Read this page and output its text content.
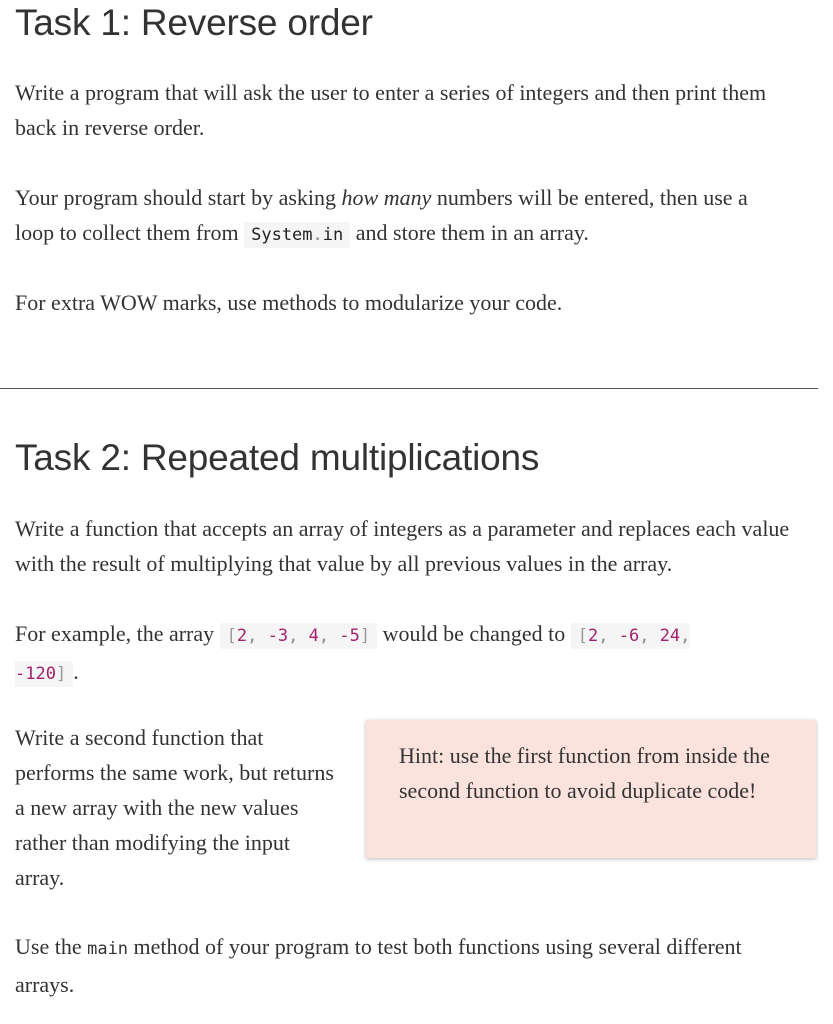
Task 1: Reverse order

Write a program that will ask the user to enter a series of integers and then print them back in reverse order.

Your program should start by asking how many numbers will be entered, then use a loop to collect them from System.in and store them in an array.

For extra WOW marks, use methods to modularize your code.

Task 2: Repeated multiplications

Write a function that accepts an array of integers as a parameter and replaces each value with the result of multiplying that value by all previous values in the array.

For example, the array [2, -3, 4, -5] would be changed to [2, -6, 24, -120] .

Write a second function that performs the same work, but returns a new array with the new values rather than modifying the input array.

Hint: use the first function from inside the second function to avoid duplicate code!

Use the main method of your program to test both functions using several different arrays.
